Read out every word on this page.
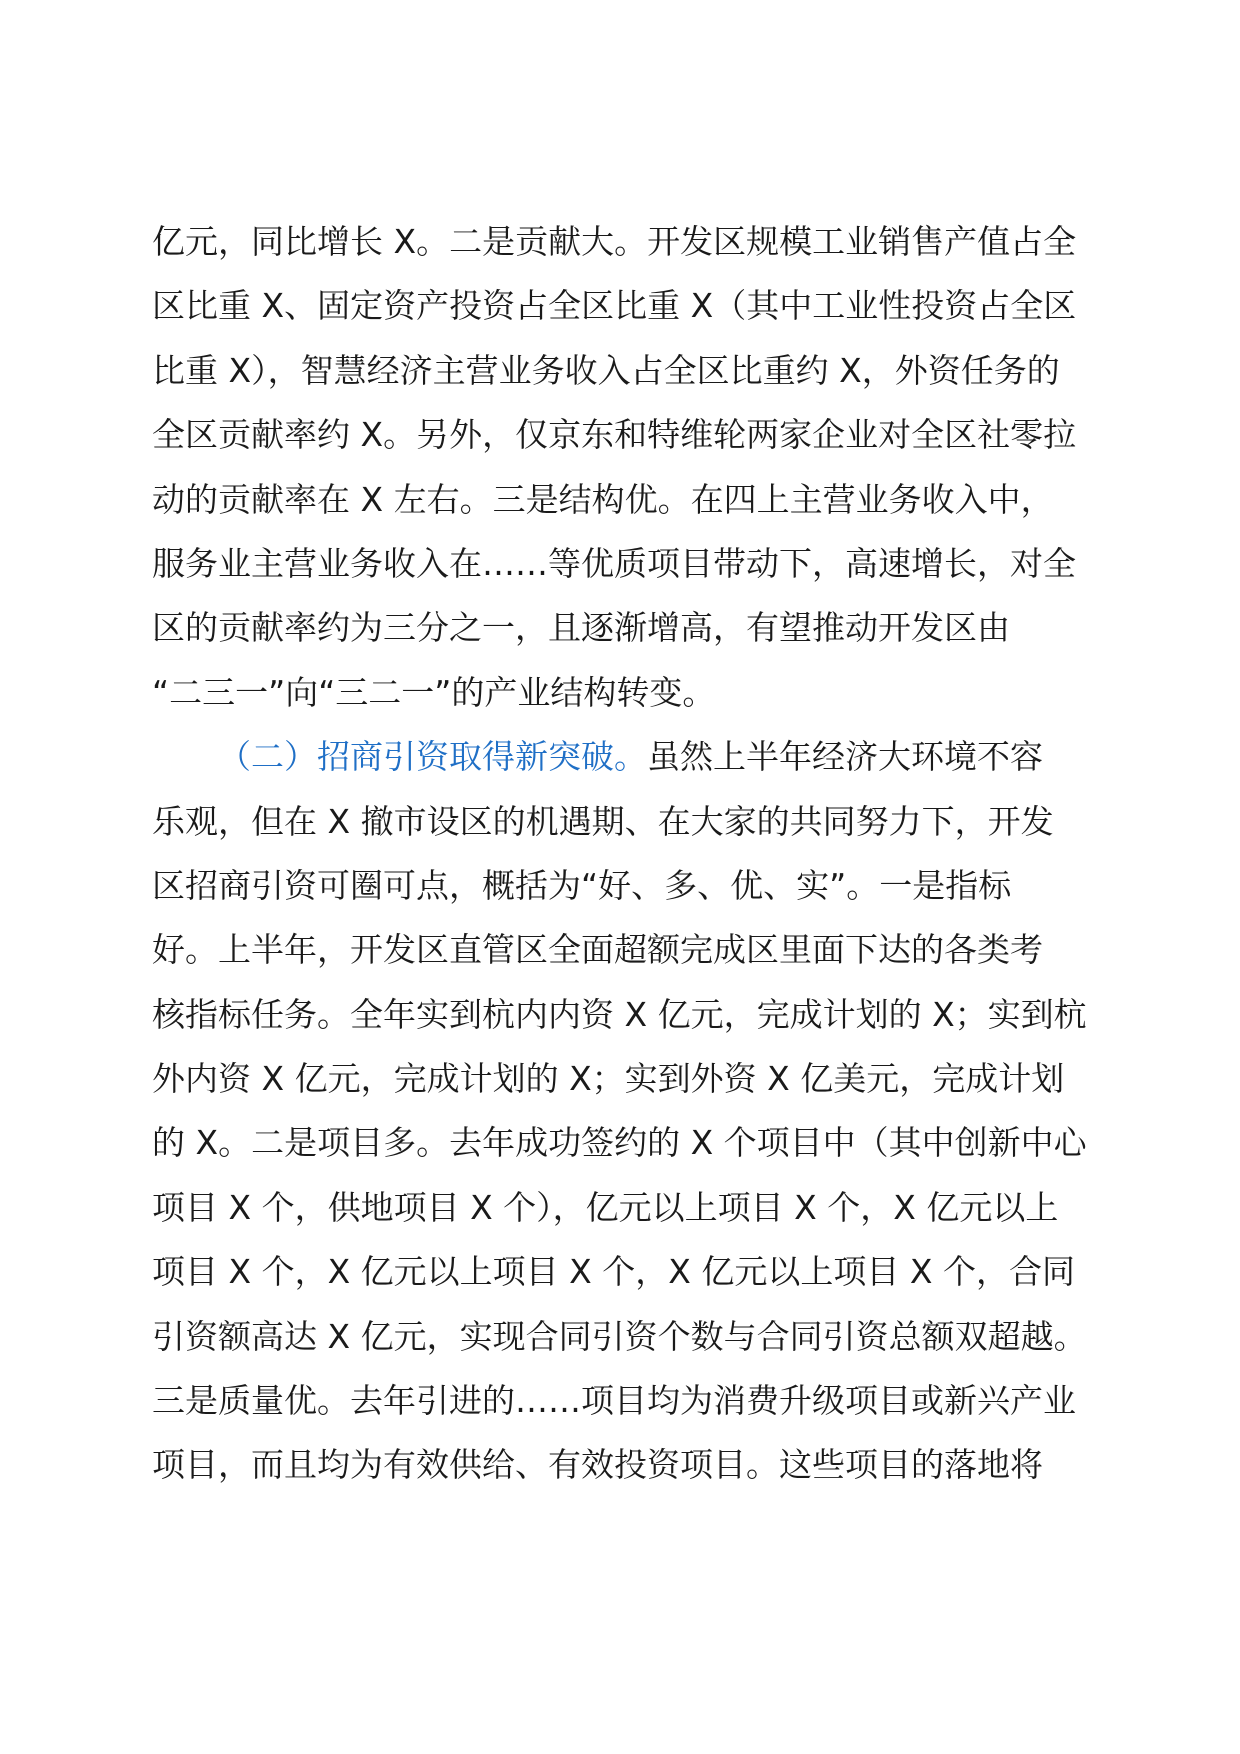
亿元，同比增长 X。二是贡献大。开发区规模工业销售产值占全
区比重 X、固定资产投资占全区比重 X（其中工业性投资占全区
比重 X），智慧经济主营业务收入占全区比重约 X，外资任务的
全区贡献率约 X。另外，仅京东和特维轮两家企业对全区社零拉
动的贡献率在 X 左右。三是结构优。在四上主营业务收入中，
服务业主营业务收入在……等优质项目带动下，高速增长，对全
区的贡献率约为三分之一，且逐渐增高，有望推动开发区由
“二三一”向“三二一”的产业结构转变。
（二）招商引资取得新突破。虽然上半年经济大环境不容
乐观，但在 X 撤市设区的机遇期、在大家的共同努力下，开发
区招商引资可圈可点，概括为“好、多、优、实”。一是指标
好。上半年，开发区直管区全面超额完成区里面下达的各类考
核指标任务。全年实到杭内内资 X 亿元，完成计划的 X；实到杭
外内资 X 亿元，完成计划的 X；实到外资 X 亿美元，完成计划
的 X。二是项目多。去年成功签约的 X 个项目中（其中创新中心
项目 X 个，供地项目 X 个），亿元以上项目 X 个，X 亿元以上
项目 X 个，X 亿元以上项目 X 个，X 亿元以上项目 X 个，合同
引资额高达 X 亿元，实现合同引资个数与合同引资总额双超越。
三是质量优。去年引进的……项目均为消费升级项目或新兴产业
项目，而且均为有效供给、有效投资项目。这些项目的落地将
